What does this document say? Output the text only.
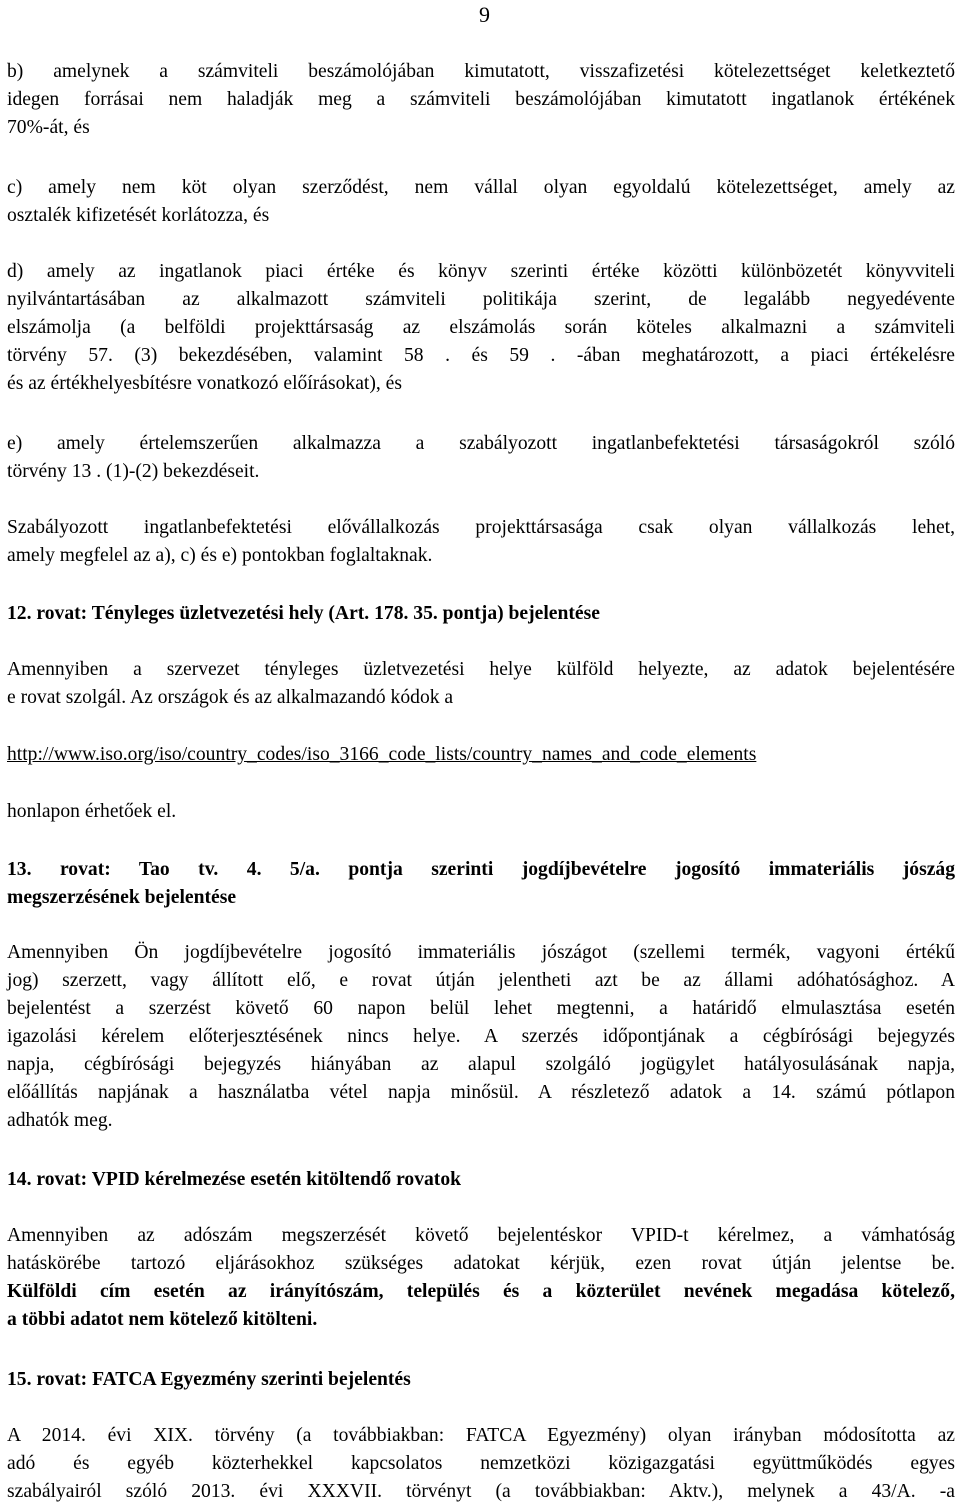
9
b) amelynek a számviteli beszámolójában kimutatott, visszafizetési kötelezettséget keletkeztető
idegen forrásai nem haladják meg a számviteli beszámolójában kimutatott ingatlanok értékének
70%-át, és
c) amely nem köt olyan szerződést, nem vállal olyan egyoldalú kötelezettséget, amely az
osztalék kifizetését korlátozza, és
d) amely az ingatlanok piaci értéke és könyv szerinti értéke közötti különbözetét könyvviteli
nyilvántartásában az alkalmazott számviteli politikája szerint, de legalább negyedévente
elszámolja (a belföldi projekttársaság az elszámolás során köteles alkalmazni a számviteli
törvény 57. (3) bekezdésében, valamint 58 . és 59 . -ában meghatározott, a piaci értékelésre
és az értékhelyesbítésre vonatkozó előírásokat), és
e) amely értelemszerűen alkalmazza a szabályozott ingatlanbefektetési társaságokról szóló
törvény 13 . (1)-(2) bekezdéseit.
Szabályozott ingatlanbefektetési elővállalkozás projekttársasága csak olyan vállalkozás lehet,
amely megfelel az a), c) és e) pontokban foglaltaknak.
12. rovat: Tényleges üzletvezetési hely (Art. 178. 35. pontja) bejelentése
Amennyiben a szervezet tényleges üzletvezetési helye külföld helyezte, az adatok bejelentésére
e rovat szolgál. Az országok és az alkalmazandó kódok a
http://www.iso.org/iso/country_codes/iso_3166_code_lists/country_names_and_code_elements
honlapon érhetőek el.
13. rovat: Tao tv. 4. 5/a. pontja szerinti jogdíjbevételre jogosító immateriális jószág
megszerzésének bejelentése
Amennyiben Ön jogdíjbevételre jogosító immateriális jószágot (szellemi termék, vagyoni értékű
jog) szerzett, vagy állított elő, e rovat útján jelentheti azt be az állami adóhatósághoz. A
bejelentést a szerzést követő 60 napon belül lehet megtenni, a határidő elmulasztása esetén
igazolási kérelem előterjesztésének nincs helye. A szerzés időpontjának a cégbírósági bejegyzés
napja, cégbírósági bejegyzés hiányában az alapul szolgáló jogügylet hatályosulásának napja,
előállítás napjának a használatba vétel napja minősül. A részletező adatok a 14. számú pótlapon
adhatók meg.
14. rovat: VPID kérelmezése esetén kitöltendő rovatok
Amennyiben az adószám megszerzését követő bejelentéskor VPID-t kérelmez, a vámhatóság
hatáskörébe tartozó eljárásokhoz szükséges adatokat kérjük, ezen rovat útján jelentse be.
Külföldi cím esetén az irányítószám, település és a közterület nevének megadása kötelező,
a többi adatot nem kötelező kitölteni.
15. rovat: FATCA Egyezmény szerinti bejelentés
A 2014. évi XIX. törvény (a továbbiakban: FATCA Egyezmény) olyan irányban módosította az
adó és egyéb közterhekkel kapcsolatos nemzetközi közigazgatási együttműködés egyes
szabályairól szóló 2013. évi XXXVII. törvényt (a továbbiakban: Aktv.), melynek a 43/A. -a
